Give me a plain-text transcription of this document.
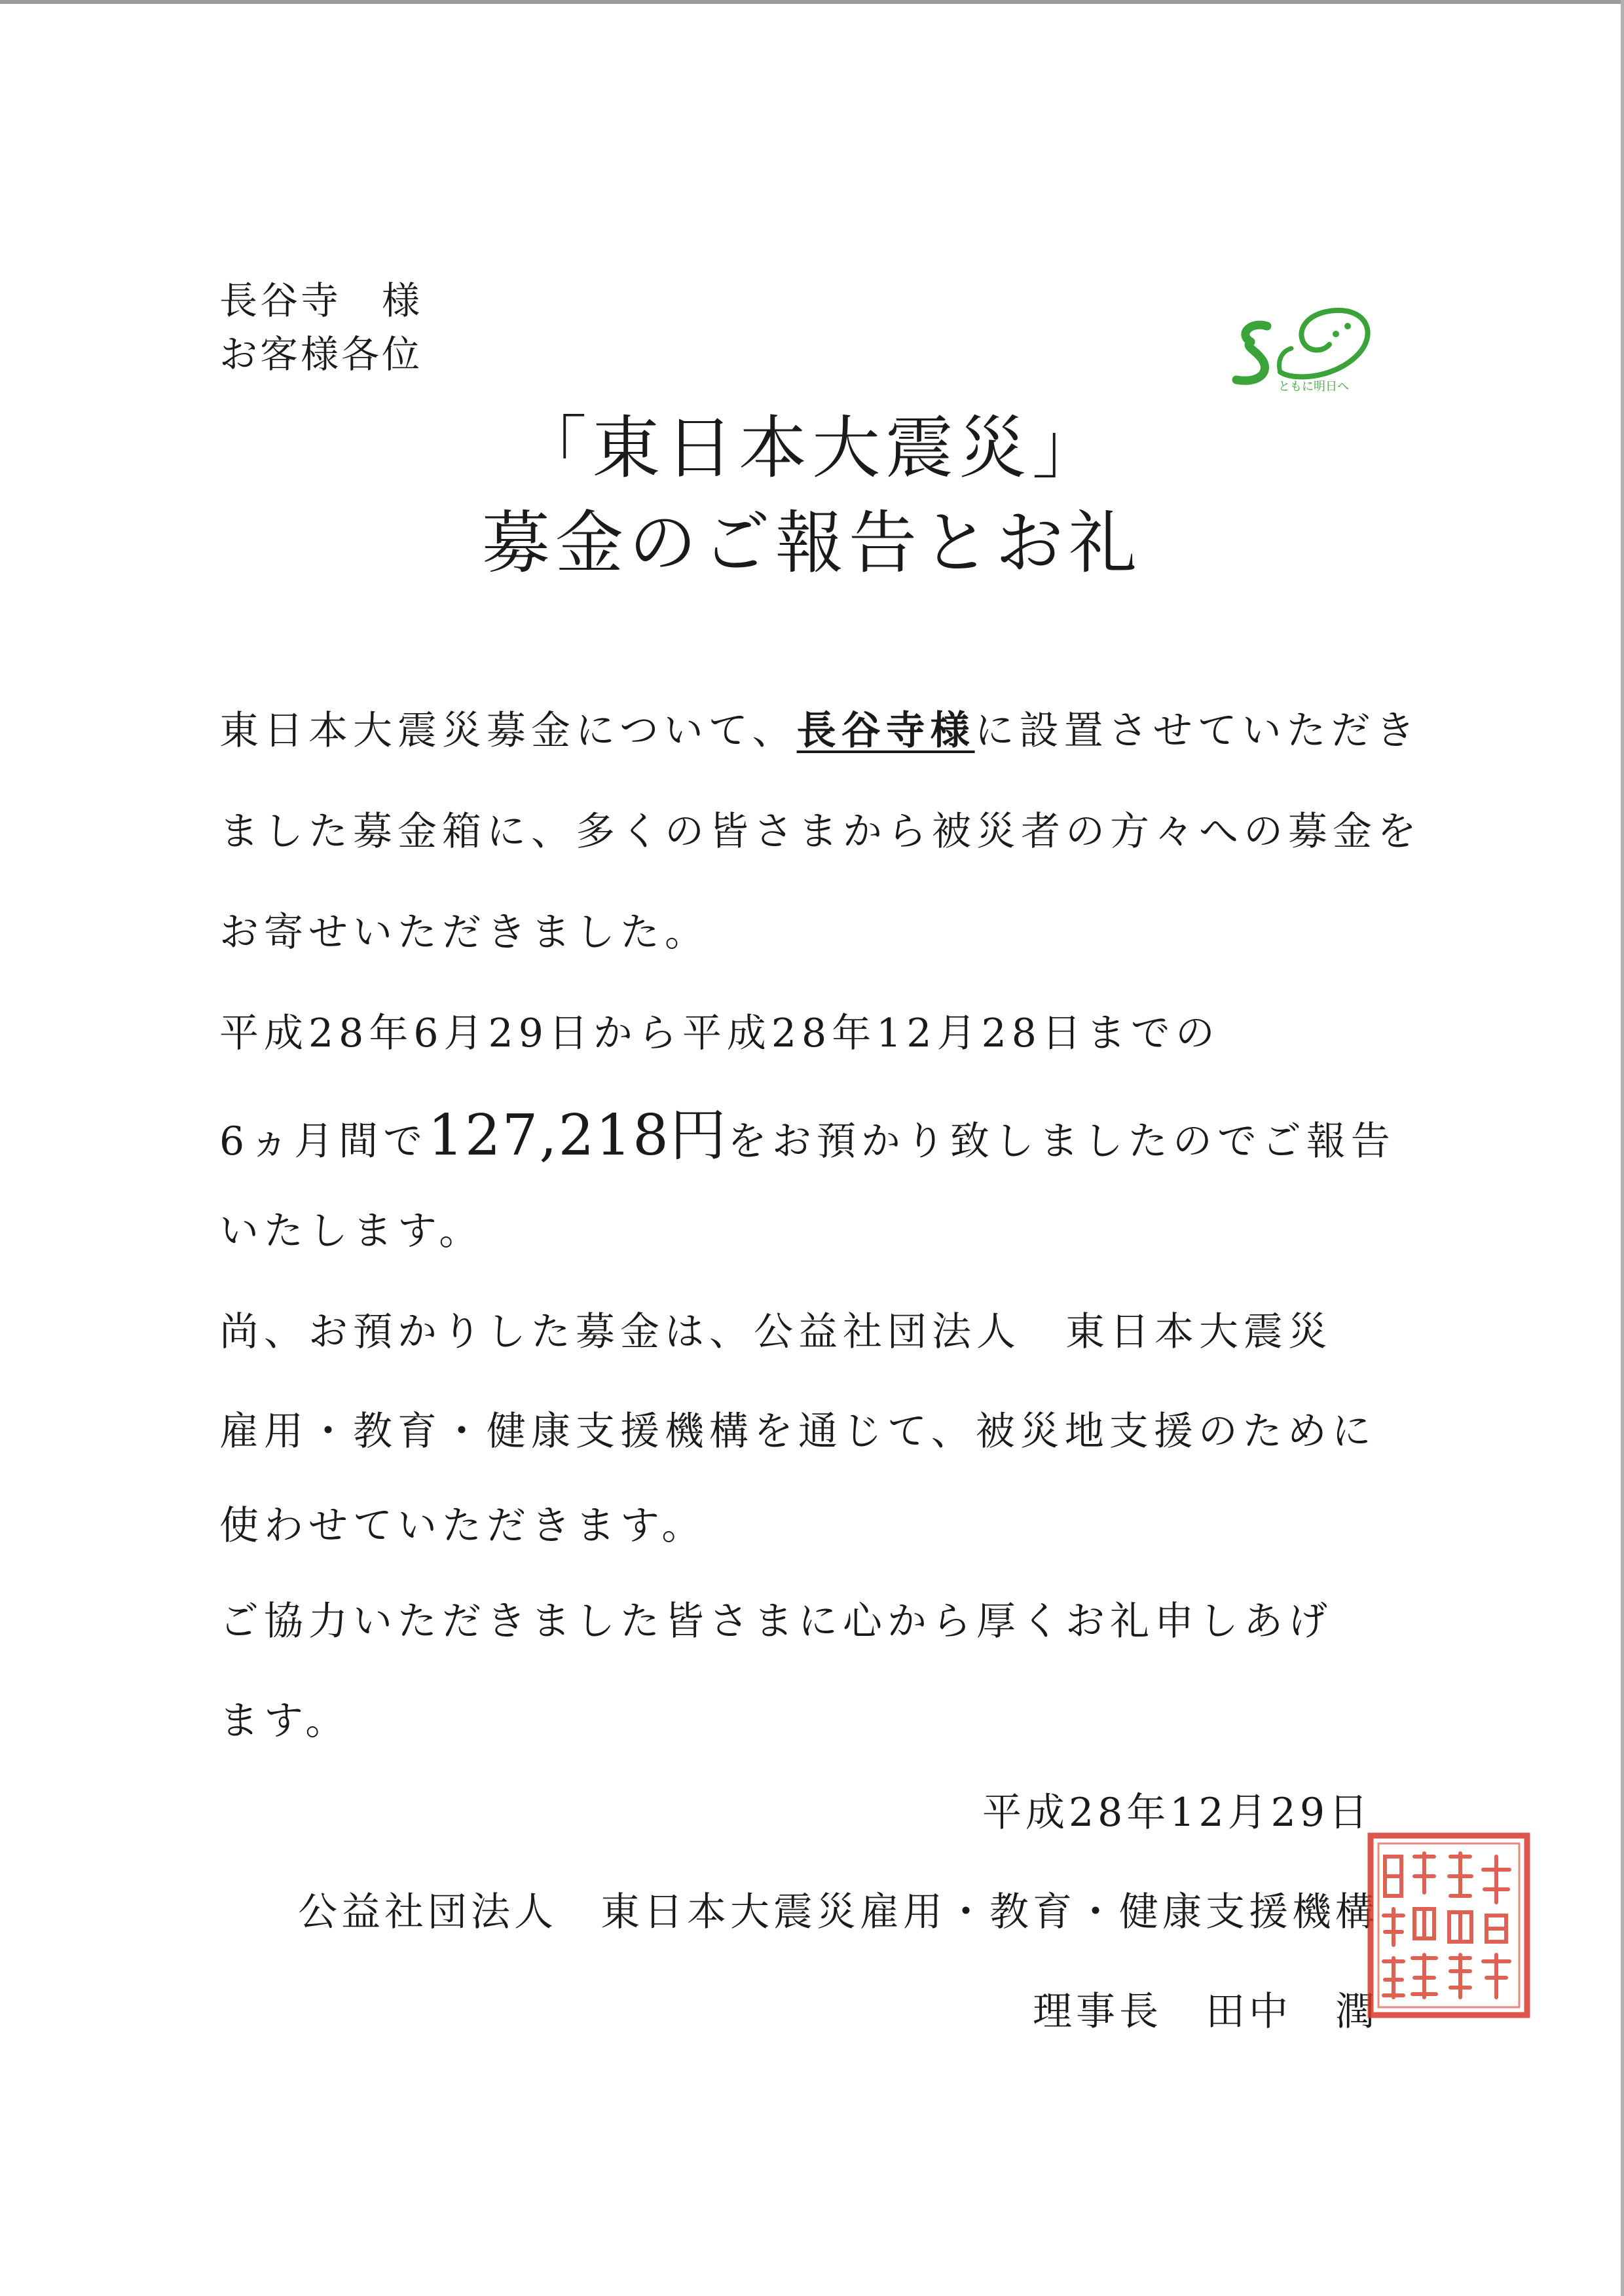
長谷寺　様
お客様各位
ともに明日へ
「東日本大震災」
募金のご報告とお礼
東日本大震災募金について、長谷寺様に設置させていただき
ました募金箱に、多くの皆さまから被災者の方々への募金を
お寄せいただきました。
平成28年6月29日から平成28年12月28日までの
6ヵ月間で127,218円をお預かり致しましたのでご報告
いたします。
尚、お預かりした募金は、公益社団法人　東日本大震災
雇用・教育・健康支援機構を通じて、被災地支援のために
使わせていただきます。
ご協力いただきました皆さまに心から厚くお礼申しあげ
ます。
平成28年12月29日
公益社団法人　東日本大震災雇用・教育・健康支援機構
理事長　田中　潤
